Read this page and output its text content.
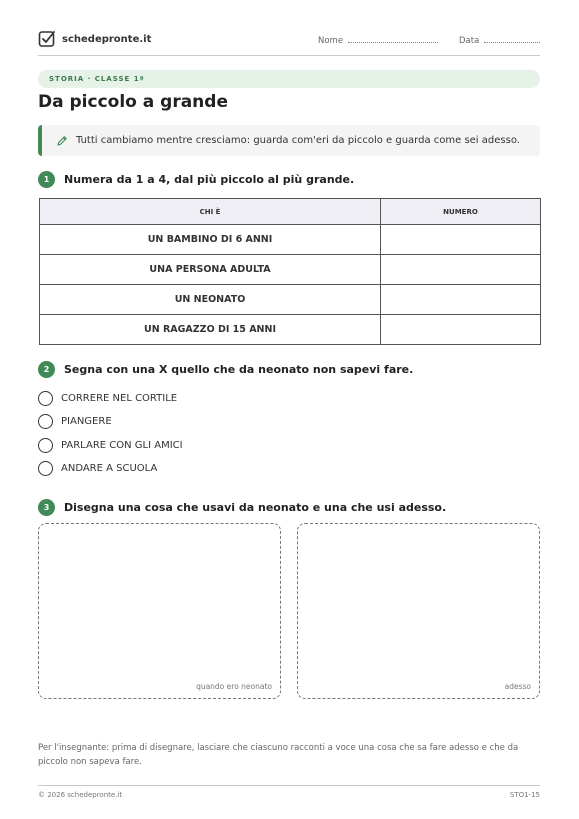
schedepronte.it	Nome	Data
STORIA · CLASSE 1ª
Da piccolo a grande
Tutti cambiamo mentre cresciamo: guarda com'eri da piccolo e guarda come sei adesso.
1	Numera da 1 a 4, dal più piccolo al più grande.
CHI È	NUMERO
UN BAMBINO DI 6 ANNI	
UNA PERSONA ADULTA	
UN NEONATO	
UN RAGAZZO DI 15 ANNI	
2	Segna con una X quello che da neonato non sapevi fare.
CORRERE NEL CORTILE
PIANGERE
PARLARE CON GLI AMICI
ANDARE A SCUOLA
3	Disegna una cosa che usavi da neonato e una che usi adesso.
quando ero neonato	adesso
Per l'insegnante: prima di disegnare, lasciare che ciascuno racconti a voce una cosa che sa fare adesso e che da piccolo non sapeva fare.
© 2026 schedepronte.it	STO1-15
